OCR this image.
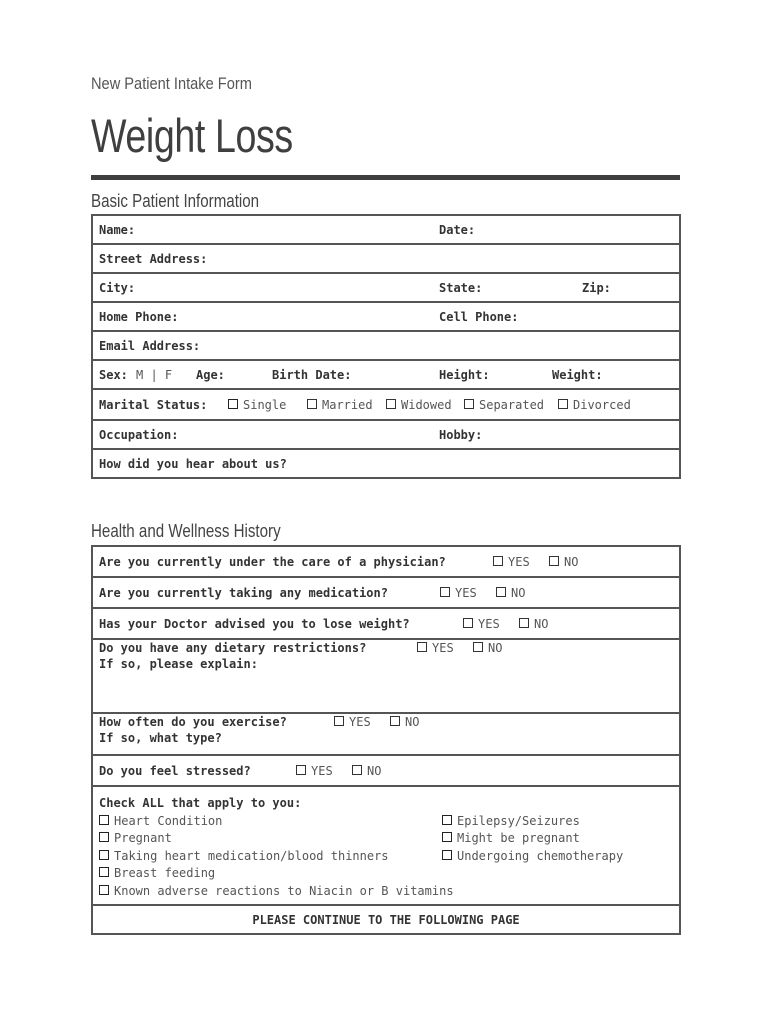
New Patient Intake Form
Weight Loss
Basic Patient Information
Name:	Date:

Street Address:

City:	State:	Zip:

Home Phone:	Cell Phone:

Email Address:

Sex: M | F Age:	Birth Date:	Height:	Weight:

Marital Status:	Single	Married	Widowed	Separated	Divorced

Occupation:	Hobby:

How did you hear about us?
Health and Wellness History
Are you currently under the care of a physician?	YES	NO

Are you currently taking any medication?	YES	NO

Has your Doctor advised you to lose weight?	YES	NO

Do you have any dietary restrictions?	YES	NO
If so, please explain:

How often do you exercise?	YES	NO
If so, what type?

Do you feel stressed?	YES	NO

Check ALL that apply to you:
Heart Condition
Pregnant
Taking heart medication/blood thinners
Breast feeding
Known adverse reactions to Niacin or B vitamins
Epilepsy/Seizures
Might be pregnant
Undergoing chemotherapy

PLEASE CONTINUE TO THE FOLLOWING PAGE
